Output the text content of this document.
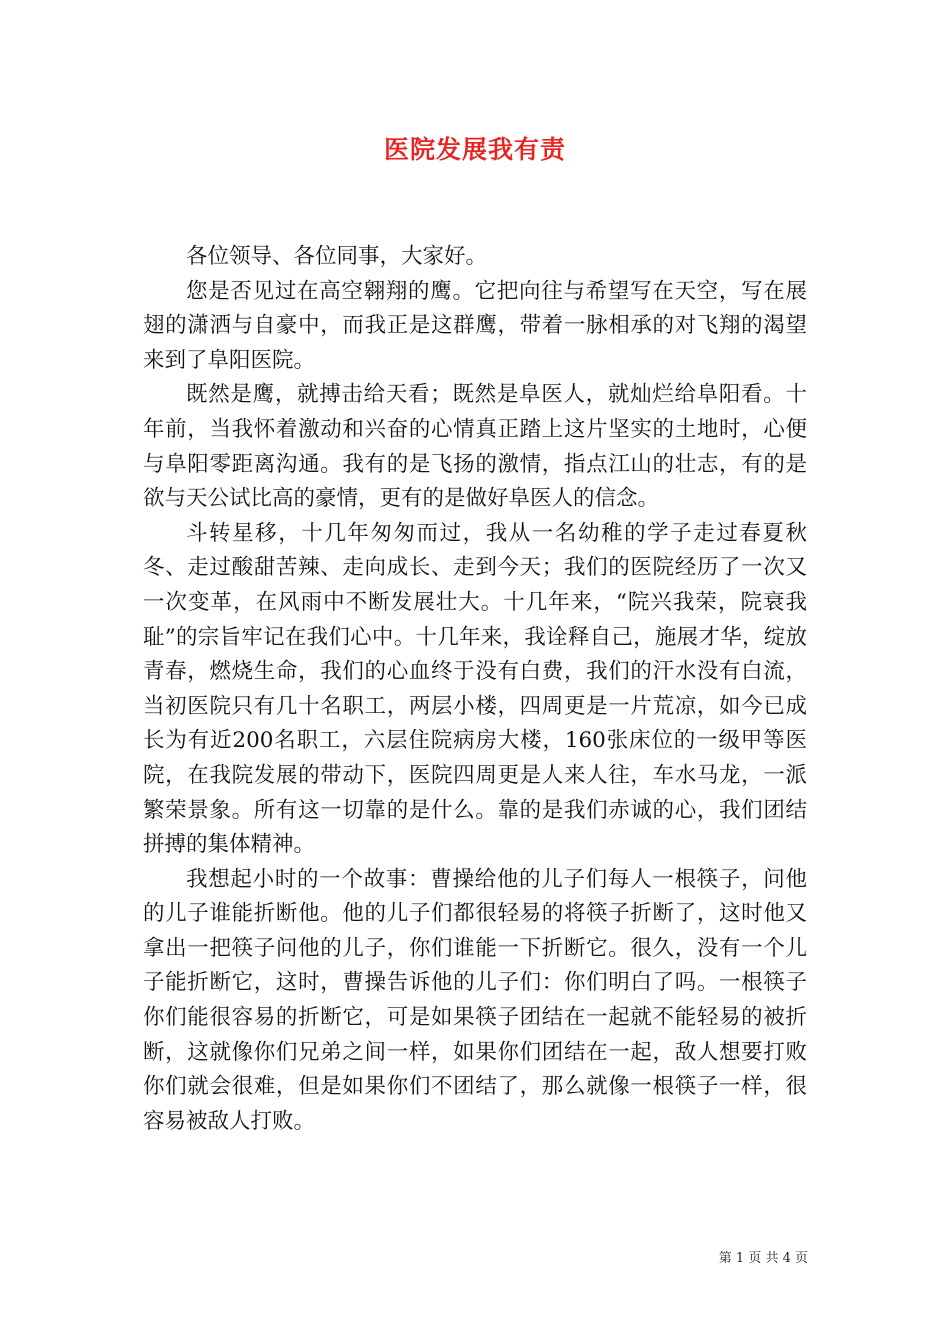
医院发展我有责

各位领导、各位同事，大家好。

您是否见过在高空翱翔的鹰。它把向往与希望写在天空，写在展翅的潇洒与自豪中，而我正是这群鹰，带着一脉相承的对飞翔的渴望来到了阜阳医院。

既然是鹰，就搏击给天看；既然是阜医人，就灿烂给阜阳看。十年前，当我怀着激动和兴奋的心情真正踏上这片坚实的土地时，心便与阜阳零距离沟通。我有的是飞扬的激情，指点江山的壮志，有的是欲与天公试比高的豪情，更有的是做好阜医人的信念。

斗转星移，十几年匆匆而过，我从一名幼稚的学子走过春夏秋冬、走过酸甜苦辣、走向成长、走到今天；我们的医院经历了一次又一次变革，在风雨中不断发展壮大。十几年来，“院兴我荣，院衰我耻”的宗旨牢记在我们心中。十几年来，我诠释自己，施展才华，绽放青春，燃烧生命，我们的心血终于没有白费，我们的汗水没有白流，当初医院只有几十名职工，两层小楼，四周更是一片荒凉，如今已成长为有近200名职工，六层住院病房大楼，160张床位的一级甲等医院，在我院发展的带动下，医院四周更是人来人往，车水马龙，一派繁荣景象。所有这一切靠的是什么。靠的是我们赤诚的心，我们团结拼搏的集体精神。

我想起小时的一个故事：曹操给他的儿子们每人一根筷子，问他的儿子谁能折断他。他的儿子们都很轻易的将筷子折断了，这时他又拿出一把筷子问他的儿子，你们谁能一下折断它。很久，没有一个儿子能折断它，这时，曹操告诉他的儿子们：你们明白了吗。一根筷子你们能很容易的折断它，可是如果筷子团结在一起就不能轻易的被折断，这就像你们兄弟之间一样，如果你们团结在一起，敌人想要打败你们就会很难，但是如果你们不团结了，那么就像一根筷子一样，很容易被敌人打败。

第 1 页 共 4 页
